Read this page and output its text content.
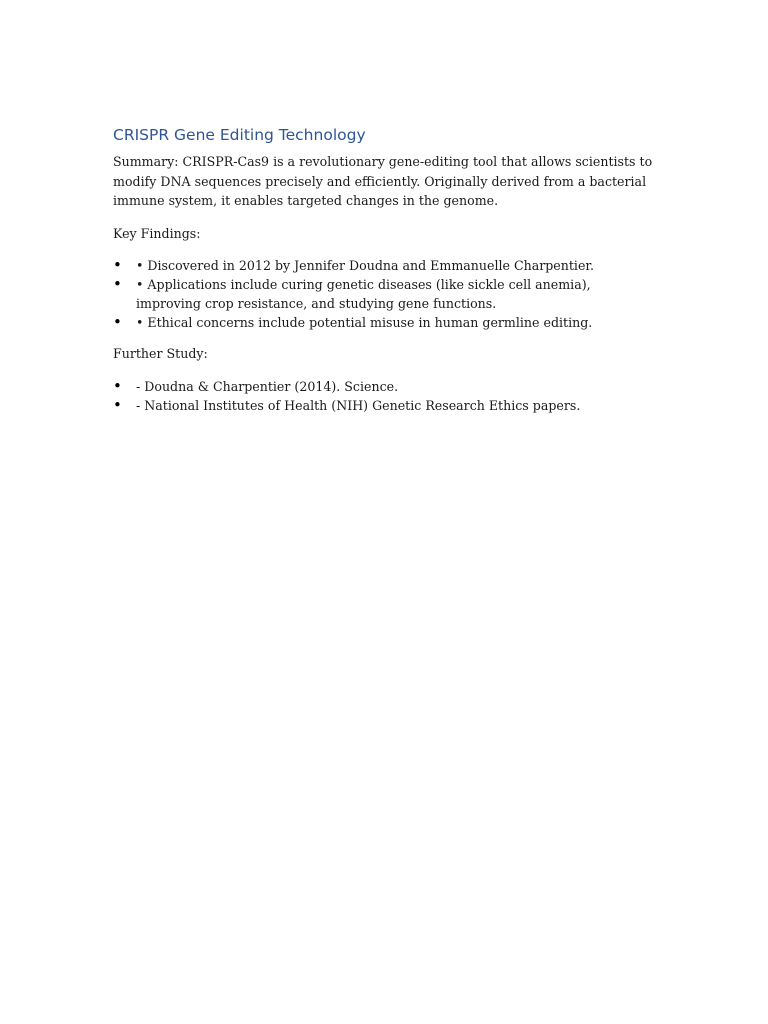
CRISPR Gene Editing Technology

Summary: CRISPR-Cas9 is a revolutionary gene-editing tool that allows scientists to modify DNA sequences precisely and efficiently. Originally derived from a bacterial immune system, it enables targeted changes in the genome.

Key Findings:

• • Discovered in 2012 by Jennifer Doudna and Emmanuelle Charpentier.
• • Applications include curing genetic diseases (like sickle cell anemia), improving crop resistance, and studying gene functions.
• • Ethical concerns include potential misuse in human germline editing.

Further Study:

• - Doudna & Charpentier (2014). Science.
• - National Institutes of Health (NIH) Genetic Research Ethics papers.
